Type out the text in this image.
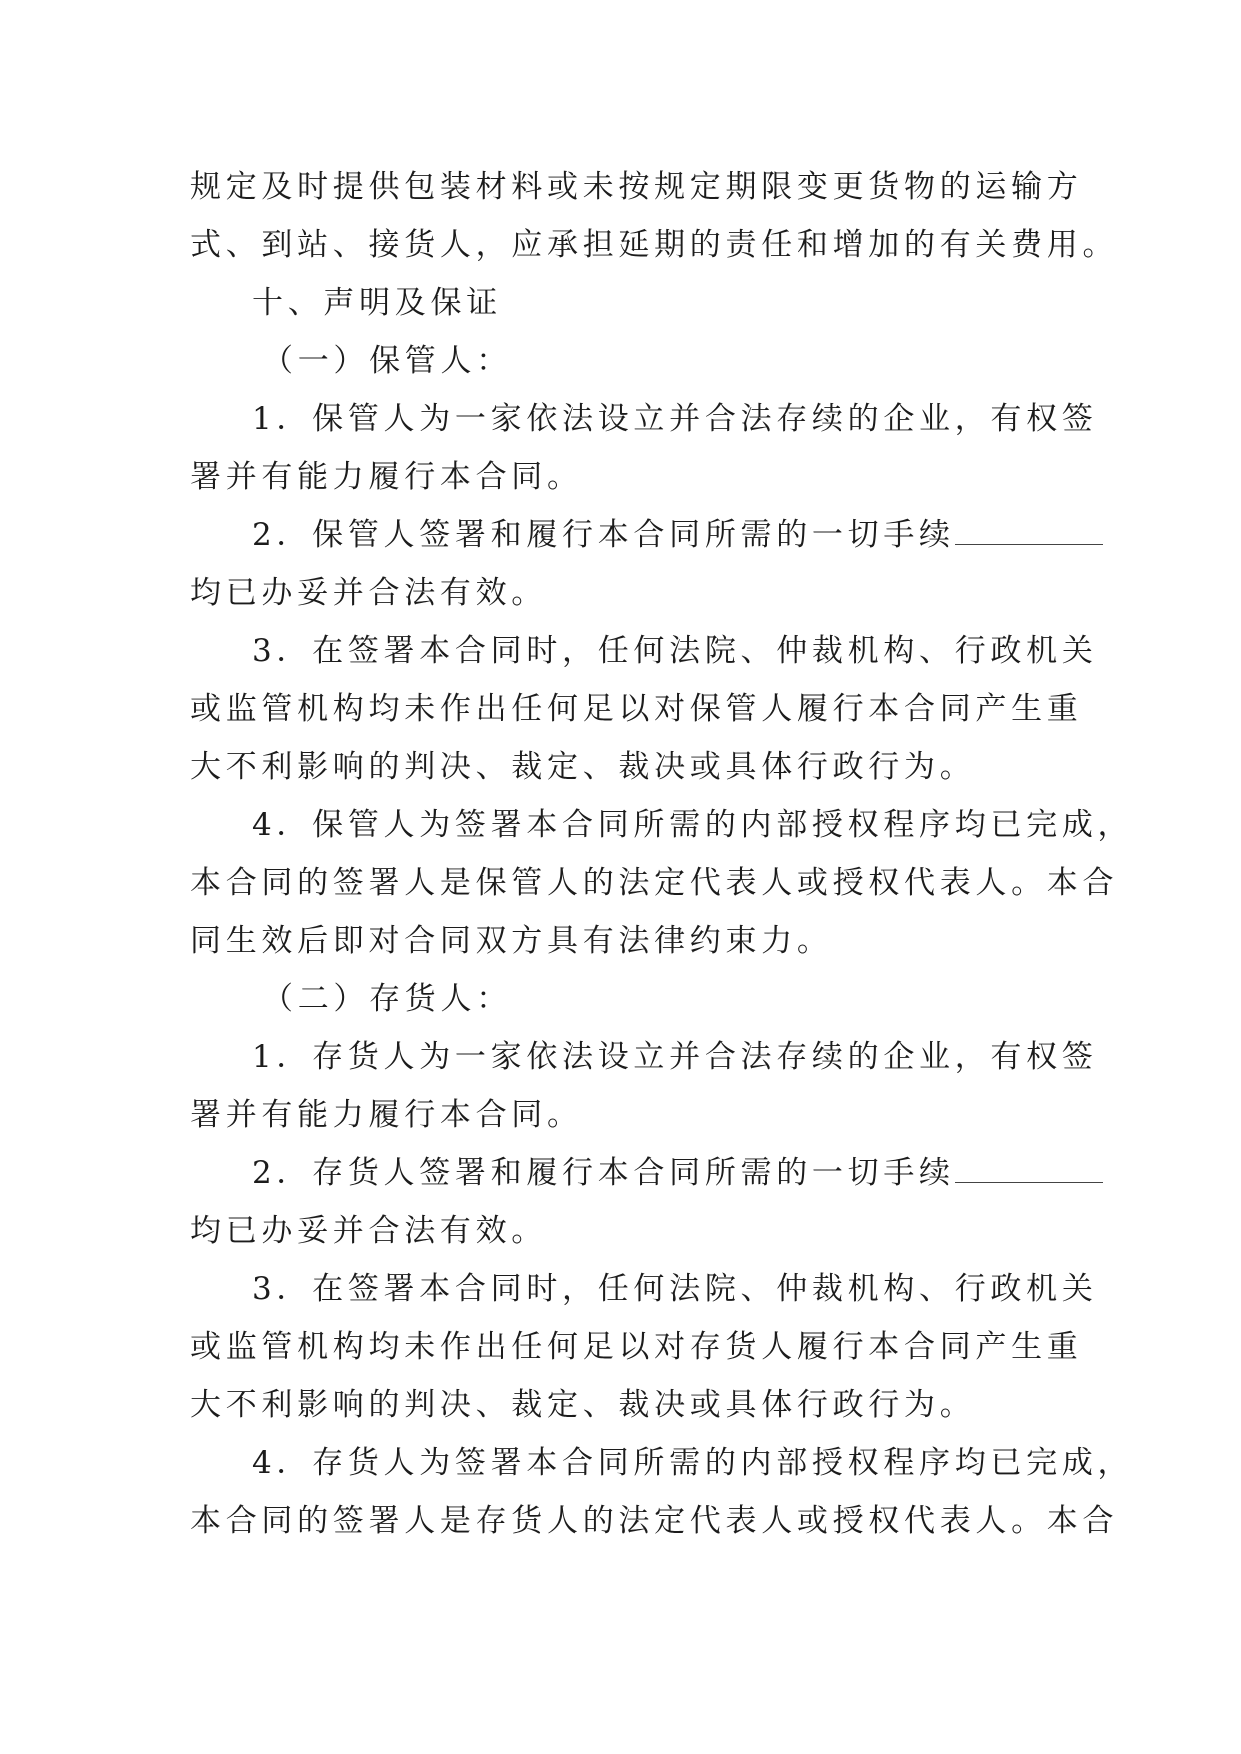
规定及时提供包装材料或未按规定期限变更货物的运输方

式、到站、接货人，应承担延期的责任和增加的有关费用。

十、声明及保证

（一）保管人：

1．保管人为一家依法设立并合法存续的企业，有权签

署并有能力履行本合同。

2．保管人签署和履行本合同所需的一切手续

均已办妥并合法有效。

3．在签署本合同时，任何法院、仲裁机构、行政机关

或监管机构均未作出任何足以对保管人履行本合同产生重

大不利影响的判决、裁定、裁决或具体行政行为。

4．保管人为签署本合同所需的内部授权程序均已完成，

本合同的签署人是保管人的法定代表人或授权代表人。本合

同生效后即对合同双方具有法律约束力。

（二）存货人：

1．存货人为一家依法设立并合法存续的企业，有权签

署并有能力履行本合同。

2．存货人签署和履行本合同所需的一切手续

均已办妥并合法有效。

3．在签署本合同时，任何法院、仲裁机构、行政机关

或监管机构均未作出任何足以对存货人履行本合同产生重

大不利影响的判决、裁定、裁决或具体行政行为。

4．存货人为签署本合同所需的内部授权程序均已完成，

本合同的签署人是存货人的法定代表人或授权代表人。本合
